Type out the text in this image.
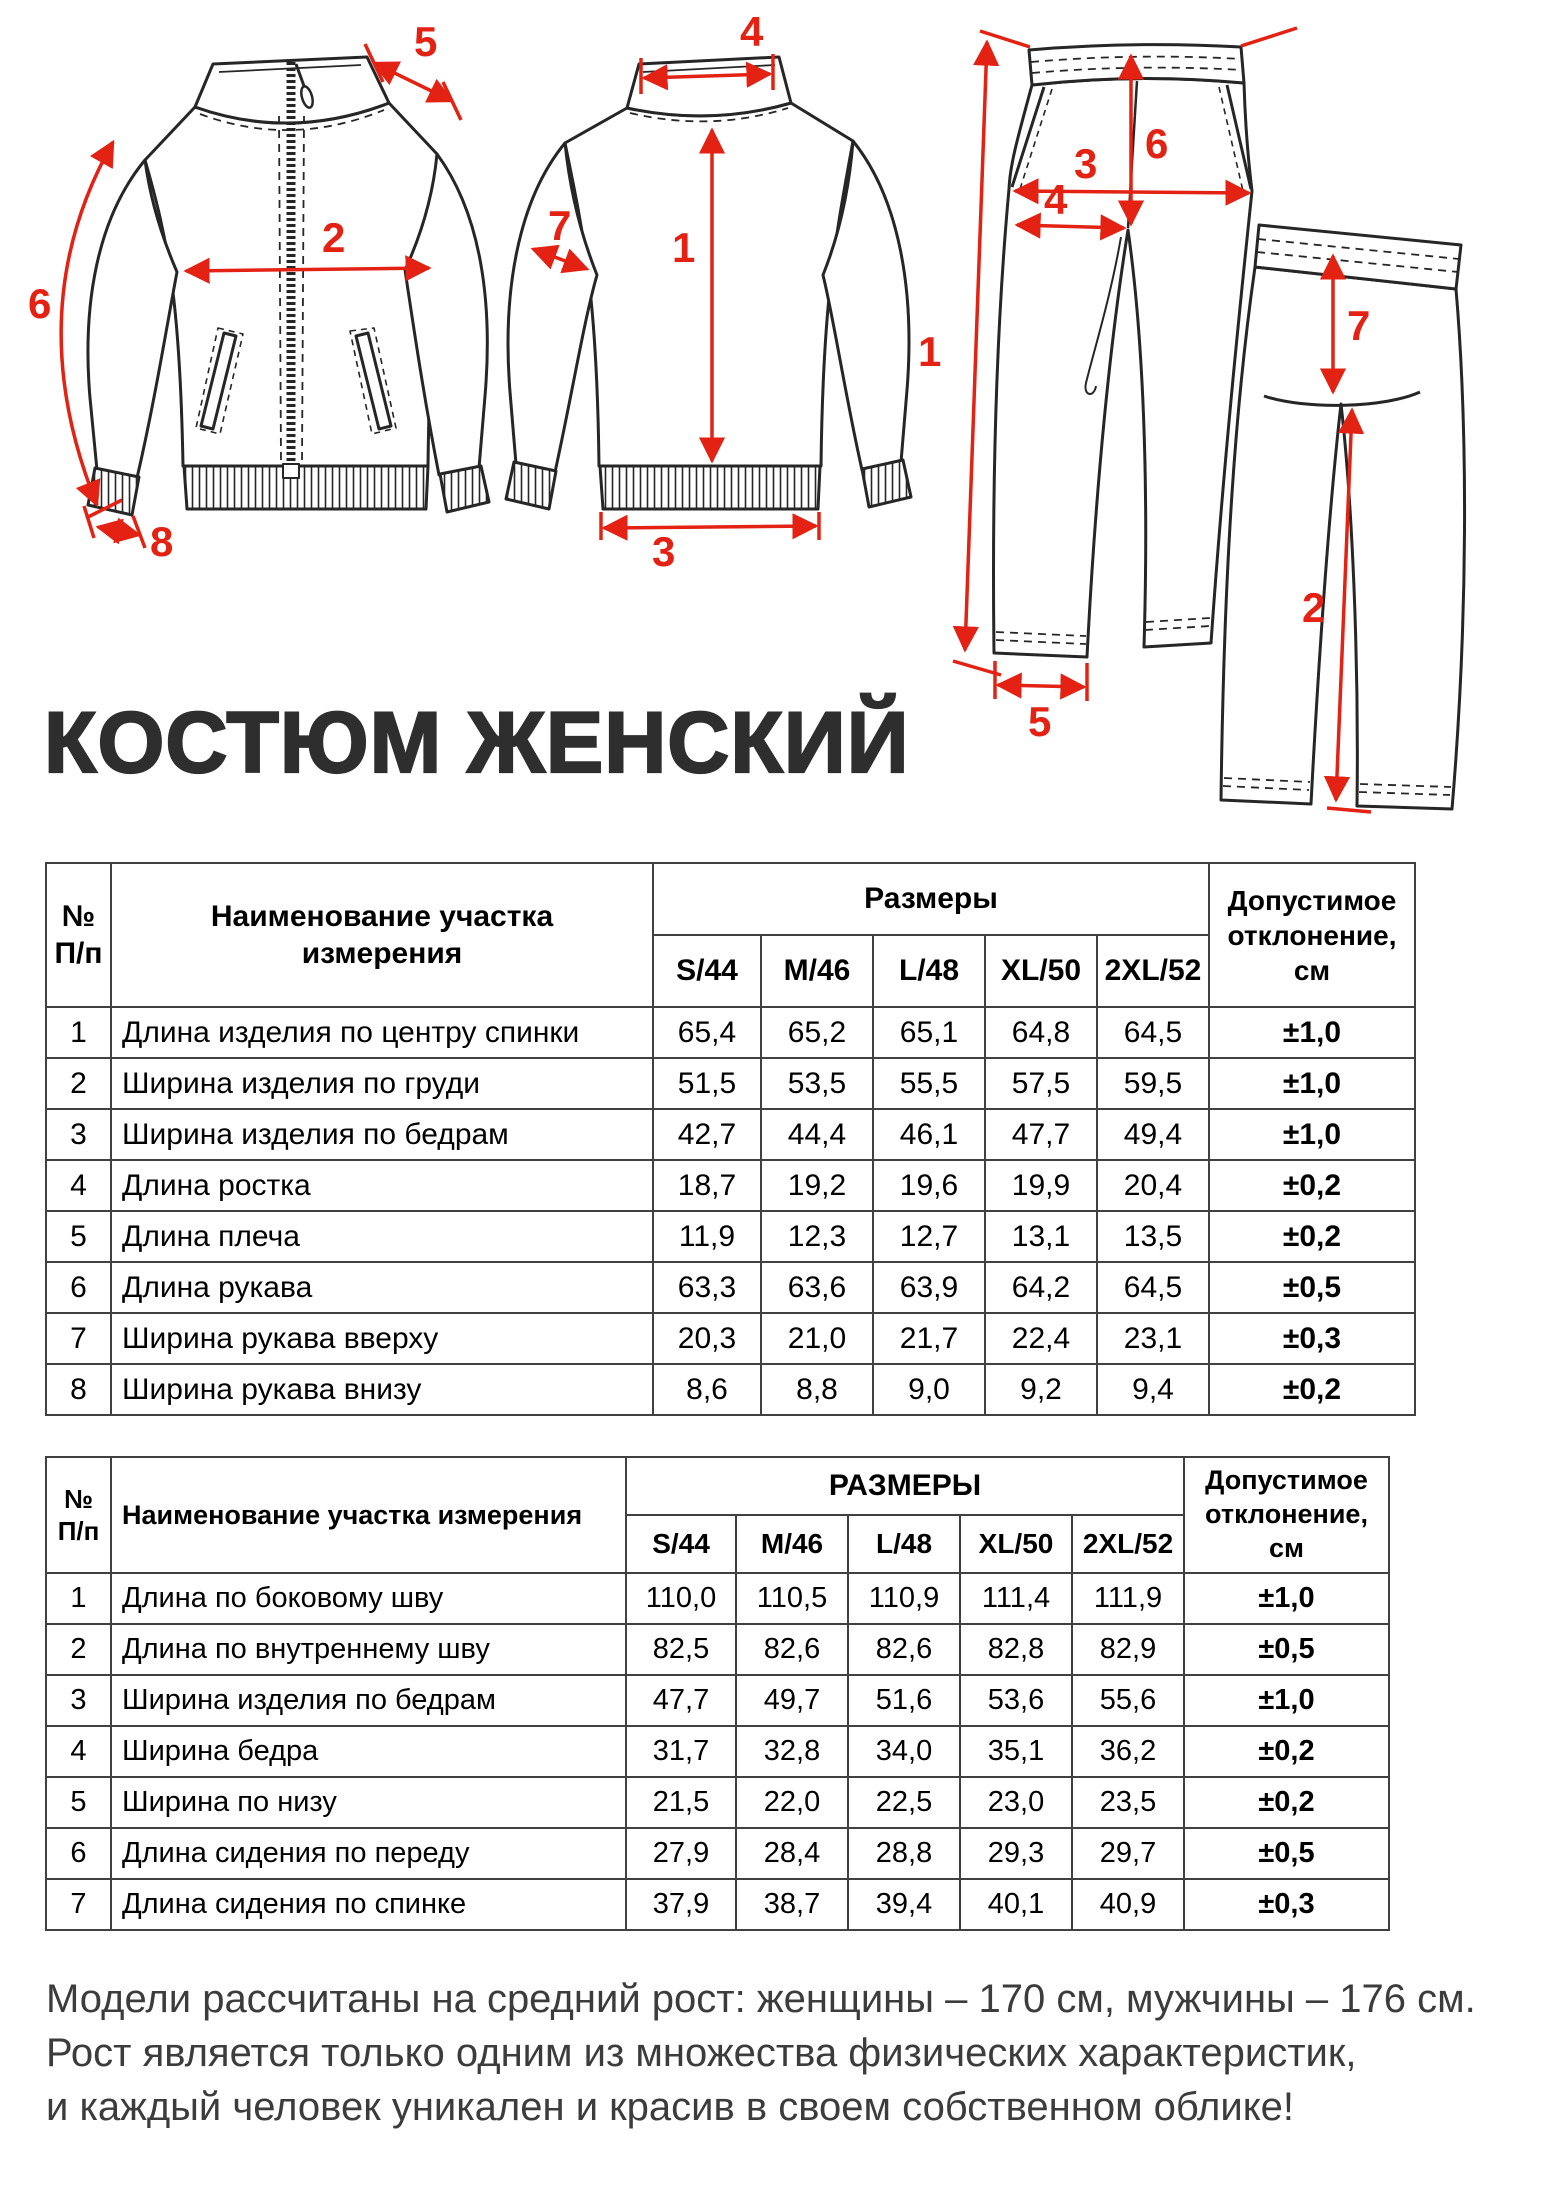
2
5
6
8
4
1
7
3
1
6
3
4
5
7
2
КОСТЮМ ЖЕНСКИЙ
№
П/п	Наименование участка
измерения	Размеры					Допустимое
отклонение,
см

		S/44	M/46	L/48	XL/50	2XL/52	
1	Длина изделия по центру спинки	65,4	65,2	65,1	64,8	64,5	±1,0
2	Ширина изделия по груди	51,5	53,5	55,5	57,5	59,5	±1,0
3	Ширина изделия по бедрам	42,7	44,4	46,1	47,7	49,4	±1,0
4	Длина ростка	18,7	19,2	19,6	19,9	20,4	±0,2
5	Длина плеча	11,9	12,3	12,7	13,1	13,5	±0,2
6	Длина рукава	63,3	63,6	63,9	64,2	64,5	±0,5
7	Ширина рукава вверху	20,3	21,0	21,7	22,4	23,1	±0,3
8	Ширина рукава внизу	8,6	8,8	9,0	9,2	9,4	±0,2
№
П/п	Наименование участка измерения	РАЗМЕРЫ					Допустимое
отклонение, см

		S/44	M/46	L/48	XL/50	2XL/52	
1	Длина по боковому шву	110,0	110,5	110,9	111,4	111,9	±1,0
2	Длина по внутреннему шву	82,5	82,6	82,6	82,8	82,9	±0,5
3	Ширина изделия по бедрам	47,7	49,7	51,6	53,6	55,6	±1,0
4	Ширина бедра	31,7	32,8	34,0	35,1	36,2	±0,2
5	Ширина по низу	21,5	22,0	22,5	23,0	23,5	±0,2
6	Длина сидения по переду	27,9	28,4	28,8	29,3	29,7	±0,5
7	Длина сидения по спинке	37,9	38,7	39,4	40,1	40,9	±0,3
Модели рассчитаны на средний рост: женщины – 170 см, мужчины – 176 см.
Рост является только одним из множества физических характеристик,
и каждый человек уникален и красив в своем собственном облике!
